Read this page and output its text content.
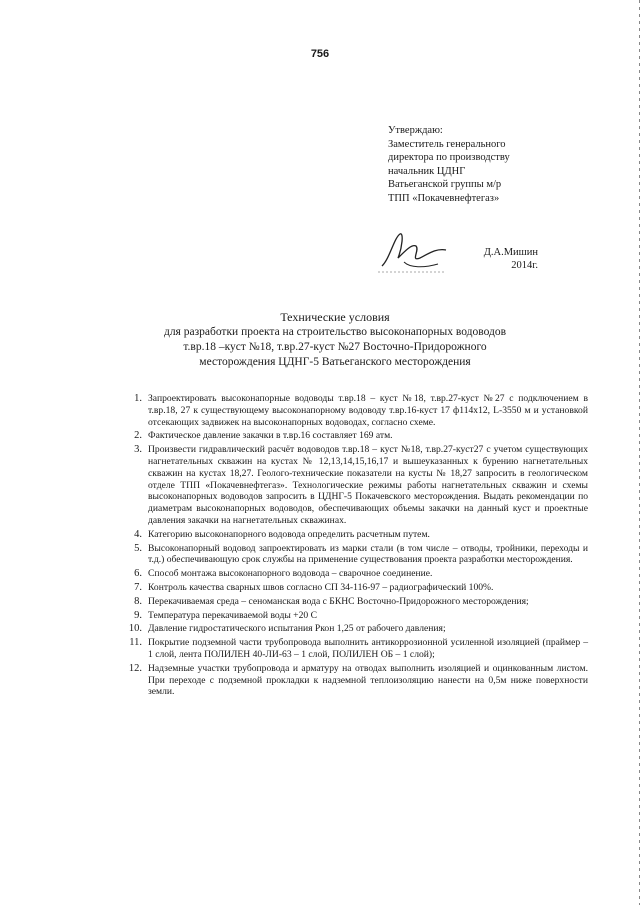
756
Утверждаю:
Заместитель генерального
директора по производству
начальник ЦДНГ
Ватьеганской группы м/р
ТПП «Покачевнефтегаз»
Д.А.Мишин
2014г.
Технические условия
для разработки проекта на строительство высоконапорных водоводов
т.вр.18 –куст №18, т.вр.27-куст №27 Восточно-Придорожного
месторождения ЦДНГ-5 Ватьеганского месторождения
1. Запроектировать высоконапорные водоводы т.вр.18 – куст №18, т.вр.27-куст №27 с подключением в т.вр.18, 27 к существующему высоконапорному водоводу т.вр.16-куст 17 ф114х12, L-3550 м и установкой отсекающих задвижек на высоконапорных водоводах, согласно схеме.
2. Фактическое давление закачки в т.вр.16 составляет 169 атм.
3. Произвести гидравлический расчёт водоводов т.вр.18 – куст №18, т.вр.27-куст27 с учетом существующих нагнетательных скважин на кустах № 12,13,14,15,16,17 и вышеуказанных к бурению нагнетательных скважин на кустах 18,27. Геолого-технические показатели на кусты № 18,27 запросить в геологическом отделе ТПП «Покачевнефтегаз». Технологические режимы работы нагнетательных скважин и схемы высоконапорных водоводов запросить в ЦДНГ-5 Покачевского месторождения. Выдать рекомендации по диаметрам высоконапорных водоводов, обеспечивающих объемы закачки на данный куст и проектные давления закачки на нагнетательных скважинах.
4. Категорию высоконапорного водовода определить расчетным путем.
5. Высоконапорный водовод запроектировать из марки стали (в том числе – отводы, тройники, переходы и т.д.) обеспечивающую срок службы на применение существования проекта разработки месторождения.
6. Способ монтажа высоконапорного водовода – сварочное соединение.
7. Контроль качества сварных швов согласно СП 34-116-97 – радиографический 100%.
8. Перекачиваемая среда – сеноманская вода с БКНС Восточно-Придорожного месторождения;
9. Температура перекачиваемой воды +20 С
10. Давление гидростатического испытания Ркон 1,25 от рабочего давления;
11. Покрытие подземной части трубопровода выполнить антикоррозионной усиленной изоляцией (праймер – 1 слой, лента ПОЛИЛЕН 40-ЛИ-63 – 1 слой, ПОЛИЛЕН ОБ – 1 слой);
12. Надземные участки трубопровода и арматуру на отводах выполнить изоляцией и оцинкованным листом. При переходе с подземной прокладки к надземной теплоизоляцию нанести на 0,5м ниже поверхности земли.
